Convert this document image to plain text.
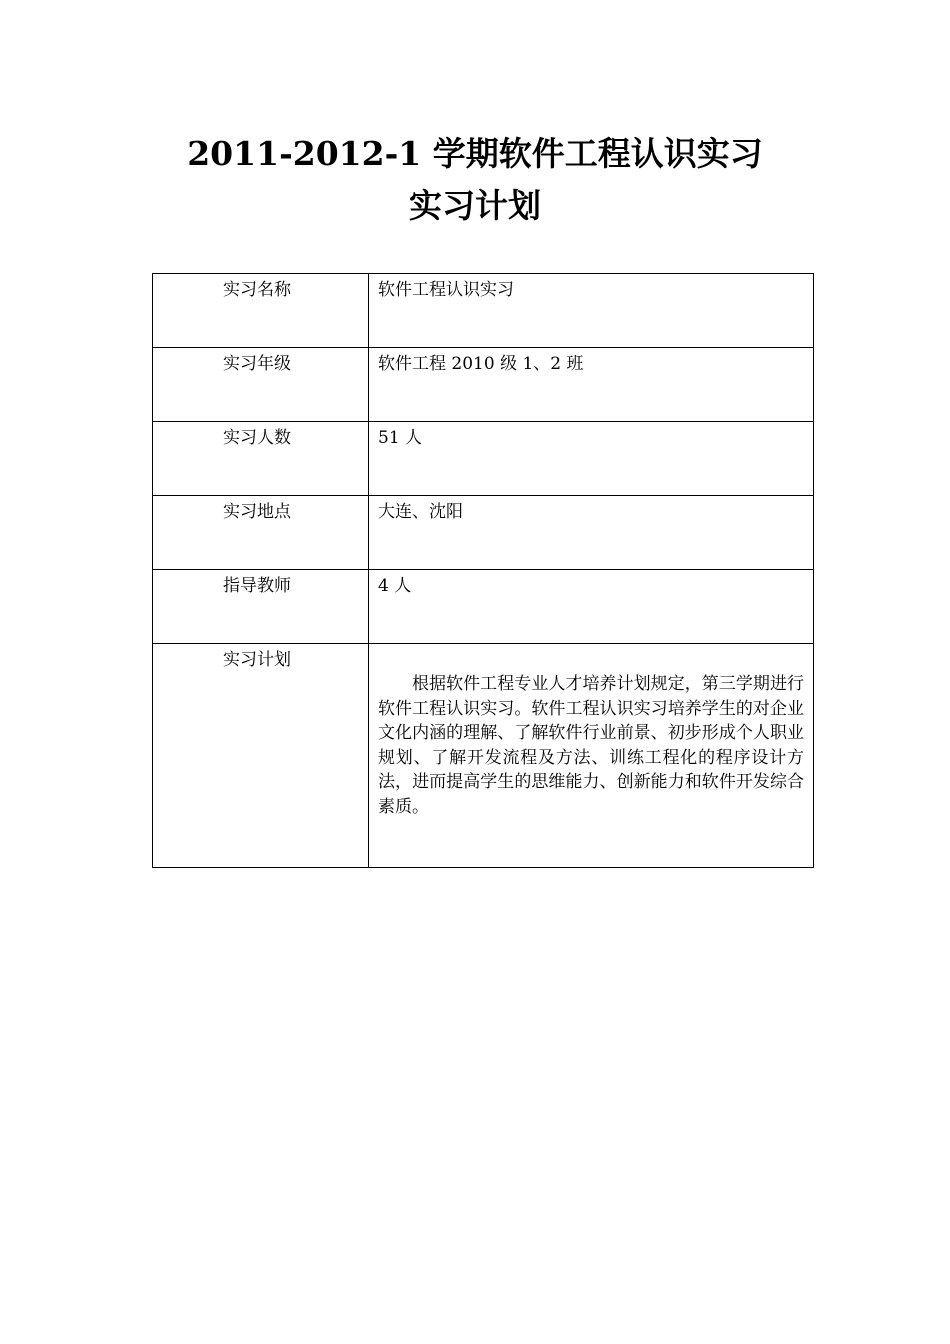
2011-2012-1 学期软件工程认识实习
实习计划
实习名称	软件工程认识实习
实习年级	软件工程 2010 级 1、2 班
实习人数	51 人
实习地点	大连、沈阳
指导教师	4 人
实习计划	根据软件工程专业人才培养计划规定，第三学期进行软件工程认识实习。软件工程认识实习培养学生的对企业文化内涵的理解、了解软件行业前景、初步形成个人职业规划、了解开发流程及方法、训练工程化的程序设计方法，进而提高学生的思维能力、创新能力和软件开发综合素质。
